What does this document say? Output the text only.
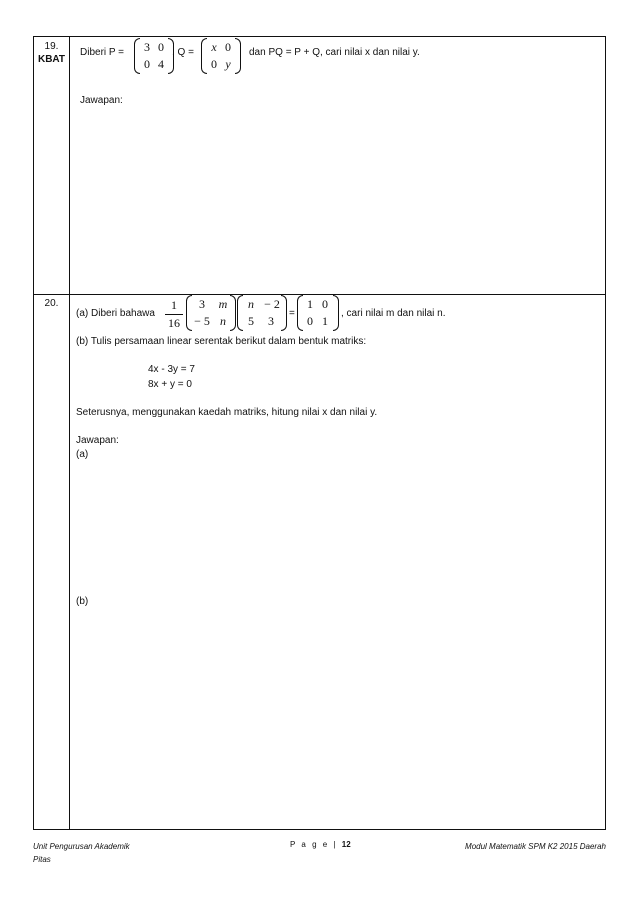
19.
KBAT
Diberi P =	3 0
0 4
, Q =	x 0
0 y
dan PQ = P + Q, cari nilai x dan nilai y.
Jawapan:
20.
(a) Diberi bahawa
1
16
3	m
− 5 n
n − 2
5	3
=
1 0
0 1
, cari nilai m dan nilai n.
(b) Tulis persamaan linear serentak berikut dalam bentuk matriks:
4x - 3y = 7
8x + y = 0
Seterusnya, menggunakan kaedah matriks, hitung nilai x dan nilai y.
Jawapan:
(a)
(b)
Unit Pengurusan Akademik
Pitas
P a g e | 12	Modul Matematik SPM K2 2015 Daerah
